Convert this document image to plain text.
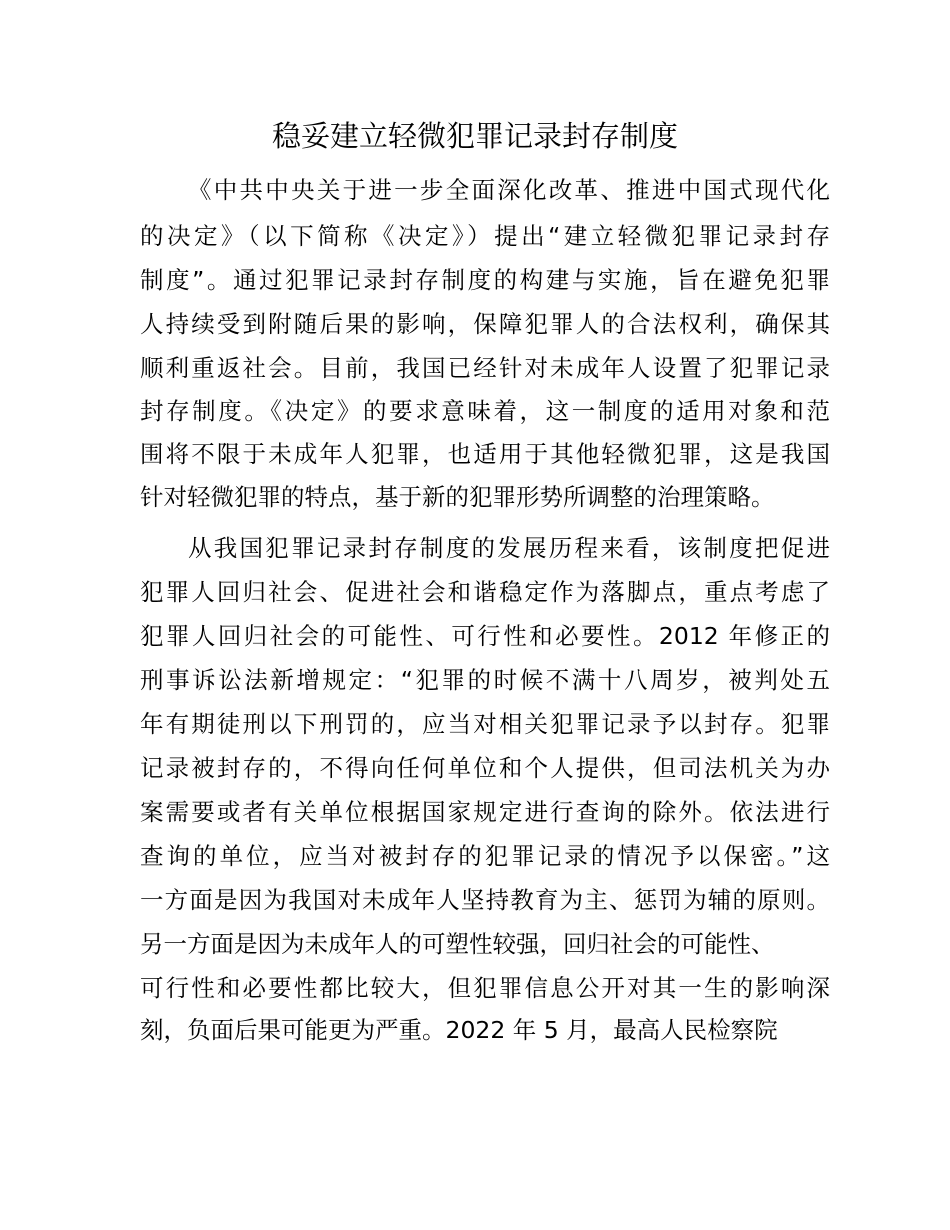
稳妥建立轻微犯罪记录封存制度
《中共中央关于进一步全面深化改革、推进中国式现代化
的决定》（以下简称《决定》）提出“建立轻微犯罪记录封存
制度”。通过犯罪记录封存制度的构建与实施，旨在避免犯罪
人持续受到附随后果的影响，保障犯罪人的合法权利，确保其
顺利重返社会。目前，我国已经针对未成年人设置了犯罪记录
封存制度。《决定》的要求意味着，这一制度的适用对象和范
围将不限于未成年人犯罪，也适用于其他轻微犯罪，这是我国
针对轻微犯罪的特点，基于新的犯罪形势所调整的治理策略。
从我国犯罪记录封存制度的发展历程来看，该制度把促进
犯罪人回归社会、促进社会和谐稳定作为落脚点，重点考虑了
犯罪人回归社会的可能性、可行性和必要性。2012 年修正的
刑事诉讼法新增规定：“犯罪的时候不满十八周岁，被判处五
年有期徒刑以下刑罚的，应当对相关犯罪记录予以封存。犯罪
记录被封存的，不得向任何单位和个人提供，但司法机关为办
案需要或者有关单位根据国家规定进行查询的除外。依法进行
查询的单位，应当对被封存的犯罪记录的情况予以保密。”这
一方面是因为我国对未成年人坚持教育为主、惩罚为辅的原则。
另一方面是因为未成年人的可塑性较强，回归社会的可能性、
可行性和必要性都比较大，但犯罪信息公开对其一生的影响深
刻，负面后果可能更为严重。2022 年 5 月，最高人民检察院
